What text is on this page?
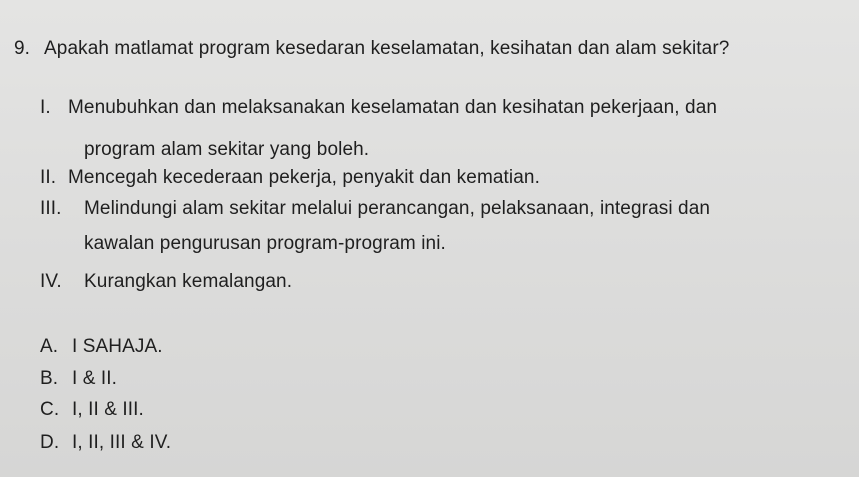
9. Apakah matlamat program kesedaran keselamatan, kesihatan dan alam sekitar?
I. Menubuhkan dan melaksanakan keselamatan dan kesihatan pekerjaan, dan
program alam sekitar yang boleh.
II. Mencegah kecederaan pekerja, penyakit dan kematian.
III. Melindungi alam sekitar melalui perancangan, pelaksanaan, integrasi dan
kawalan pengurusan program-program ini.
IV. Kurangkan kemalangan.
A. I SAHAJA.
B. I & II.
C. I, II & III.
D. I, II, III & IV.
